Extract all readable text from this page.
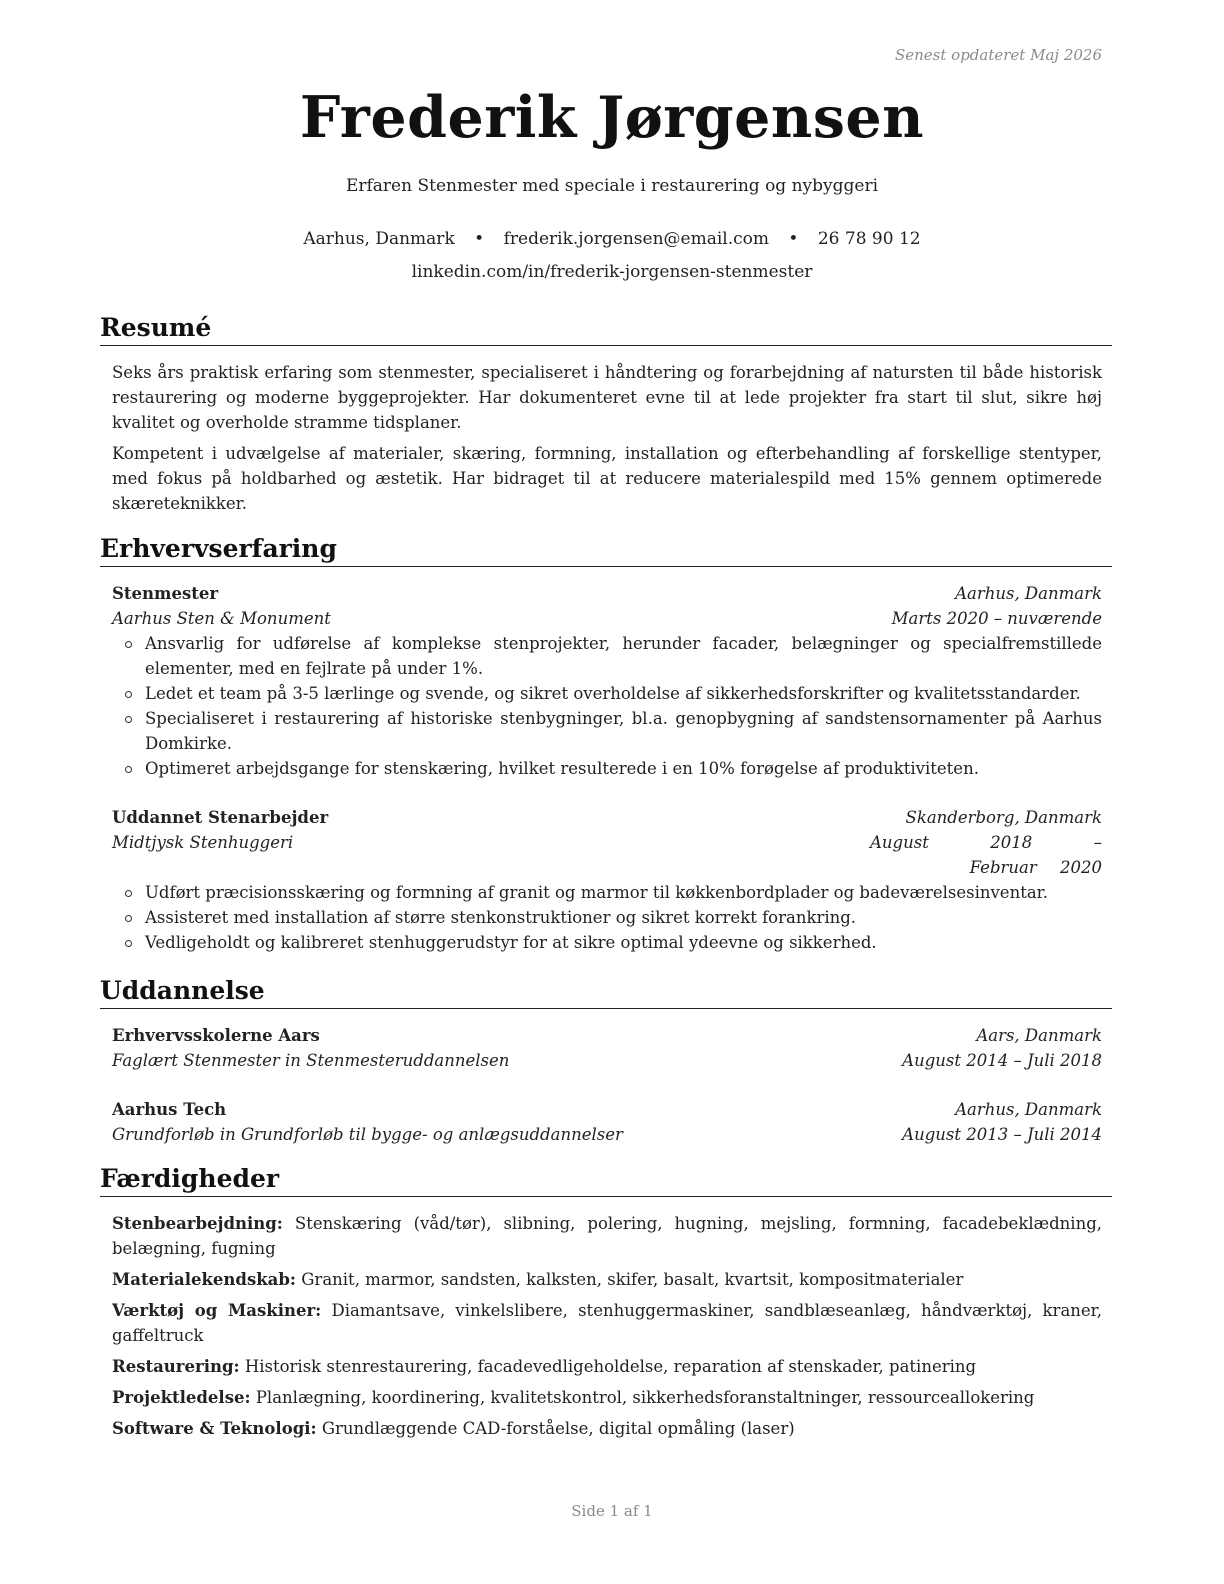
Senest opdateret Maj 2026
Frederik Jørgensen
Erfaren Stenmester med speciale i restaurering og nybyggeri
Aarhus, Danmark • frederik.jorgensen@email.com • 26 78 90 12
linkedin.com/in/frederik-jorgensen-stenmester
Resumé

Seks års praktisk erfaring som stenmester, specialiseret i håndtering og forarbejdning af natursten til både historisk restaurering og moderne byggeprojekter. Har dokumenteret evne til at lede projekter fra start til slut, sikre høj kvalitet og overholde stramme tidsplaner.

Kompetent i udvælgelse af materialer, skæring, formning, installation og efterbehandling af forskellige stentyper, med fokus på holdbarhed og æstetik. Har bidraget til at reducere materialespild med 15% gennem optimerede skæreteknikker.

Erhvervserfaring
Stenmester	Aarhus, Danmark
Aarhus Sten & Monument	Marts 2020 – nuværende
Ansvarlig for udførelse af komplekse stenprojekter, herunder facader, belægninger og specialfremstillede elementer, med en fejlrate på under 1%.
Ledet et team på 3-5 lærlinge og svende, og sikret overholdelse af sikkerhedsforskrifter og kvalitetsstandarder.
Specialiseret i restaurering af historiske stenbygninger, bl.a. genopbygning af sandstensornamenter på Aarhus Domkirke.
Optimeret arbejdsgange for stenskæring, hvilket resulterede i en 10% forøgelse af produktiviteten.
Uddannet Stenarbejder	Skanderborg, Danmark
Midtjysk Stenhuggeri	August 2018 – Februar 2020
Udført præcisionsskæring og formning af granit og marmor til køkkenbordplader og badeværelsesinventar.
Assisteret med installation af større stenkonstruktioner og sikret korrekt forankring.
Vedligeholdt og kalibreret stenhuggerudstyr for at sikre optimal ydeevne og sikkerhed.
Uddannelse
Erhvervsskolerne Aars	Aars, Danmark
Faglært Stenmester in Stenmesteruddannelsen	August 2014 – Juli 2018
Aarhus Tech	Aarhus, Danmark
Grundforløb in Grundforløb til bygge- og anlægsuddannelser	August 2013 – Juli 2014
Færdigheder

Stenbearbejdning: Stenskæring (våd/tør), slibning, polering, hugning, mejsling, formning, facadebeklædning, belægning, fugning

Materialekendskab: Granit, marmor, sandsten, kalksten, skifer, basalt, kvartsit, kompositmaterialer

Værktøj og Maskiner: Diamantsave, vinkelslibere, stenhuggermaskiner, sandblæseanlæg, håndværktøj, kraner, gaffeltruck

Restaurering: Historisk stenrestaurering, facadevedligeholdelse, reparation af stenskader, patinering

Projektledelse: Planlægning, koordinering, kvalitetskontrol, sikkerhedsforanstaltninger, ressourceallokering

Software & Teknologi: Grundlæggende CAD-forståelse, digital opmåling (laser)

Side 1 af 1
